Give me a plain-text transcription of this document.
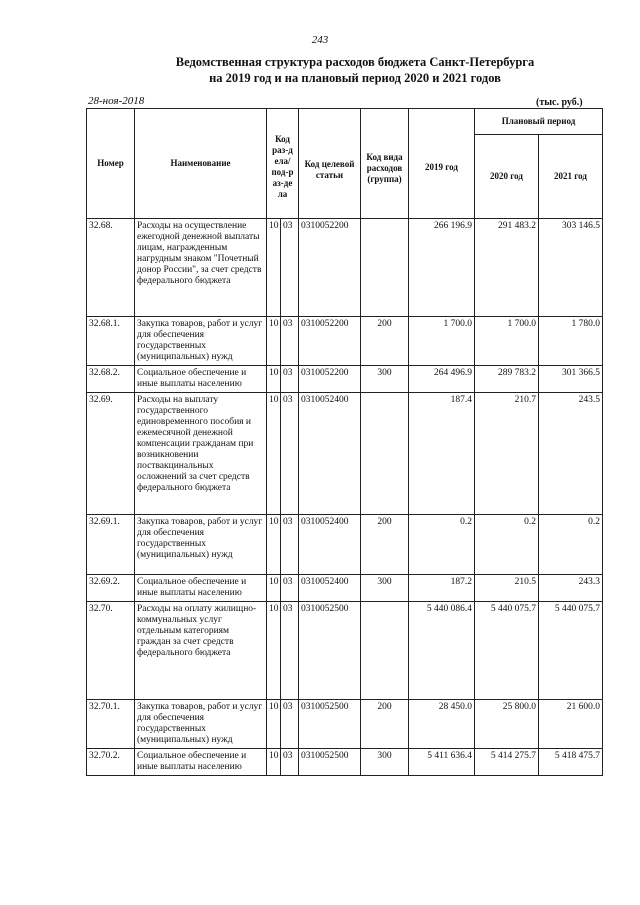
243
Ведомственная структура расходов бюджета Санкт-Петербурга
на 2019 год и на плановый период 2020 и 2021 годов
28-ноя-2018	(тыс. руб.)
Номер	Наименование	Код раз-дела/ под-раз-дела		Код целевой статьи	Код вида расходов (группа)	2019 год	Плановый период	
							2020 год	2021 год
32.68.	Расходы на осуществление ежегодной денежной выплаты лицам, награжденным нагрудным знаком "Почетный донор России", за счет средств федерального бюджета	10	03	0310052200		266 196.9	291 483.2	303 146.5
32.68.1.	Закупка товаров, работ и услуг для обеспечения государственных (муниципальных) нужд	10	03	0310052200	200	1 700.0	1 700.0	1 780.0
32.68.2.	Социальное обеспечение и иные выплаты населению	10	03	0310052200	300	264 496.9	289 783.2	301 366.5
32.69.	Расходы на выплату государственного единовременного пособия и ежемесячной денежной компенсации гражданам при возникновении поствакцинальных осложнений за счет средств федерального бюджета	10	03	0310052400		187.4	210.7	243.5
32.69.1.	Закупка товаров, работ и услуг для обеспечения государственных (муниципальных) нужд	10	03	0310052400	200	0.2	0.2	0.2
32.69.2.	Социальное обеспечение и иные выплаты населению	10	03	0310052400	300	187.2	210.5	243.3
32.70.	Расходы на оплату жилищно-коммунальных услуг отдельным категориям граждан за счет средств федерального бюджета	10	03	0310052500		5 440 086.4	5 440 075.7	5 440 075.7
32.70.1.	Закупка товаров, работ и услуг для обеспечения государственных (муниципальных) нужд	10	03	0310052500	200	28 450.0	25 800.0	21 600.0
32.70.2.	Социальное обеспечение и иные выплаты населению	10	03	0310052500	300	5 411 636.4	5 414 275.7	5 418 475.7
